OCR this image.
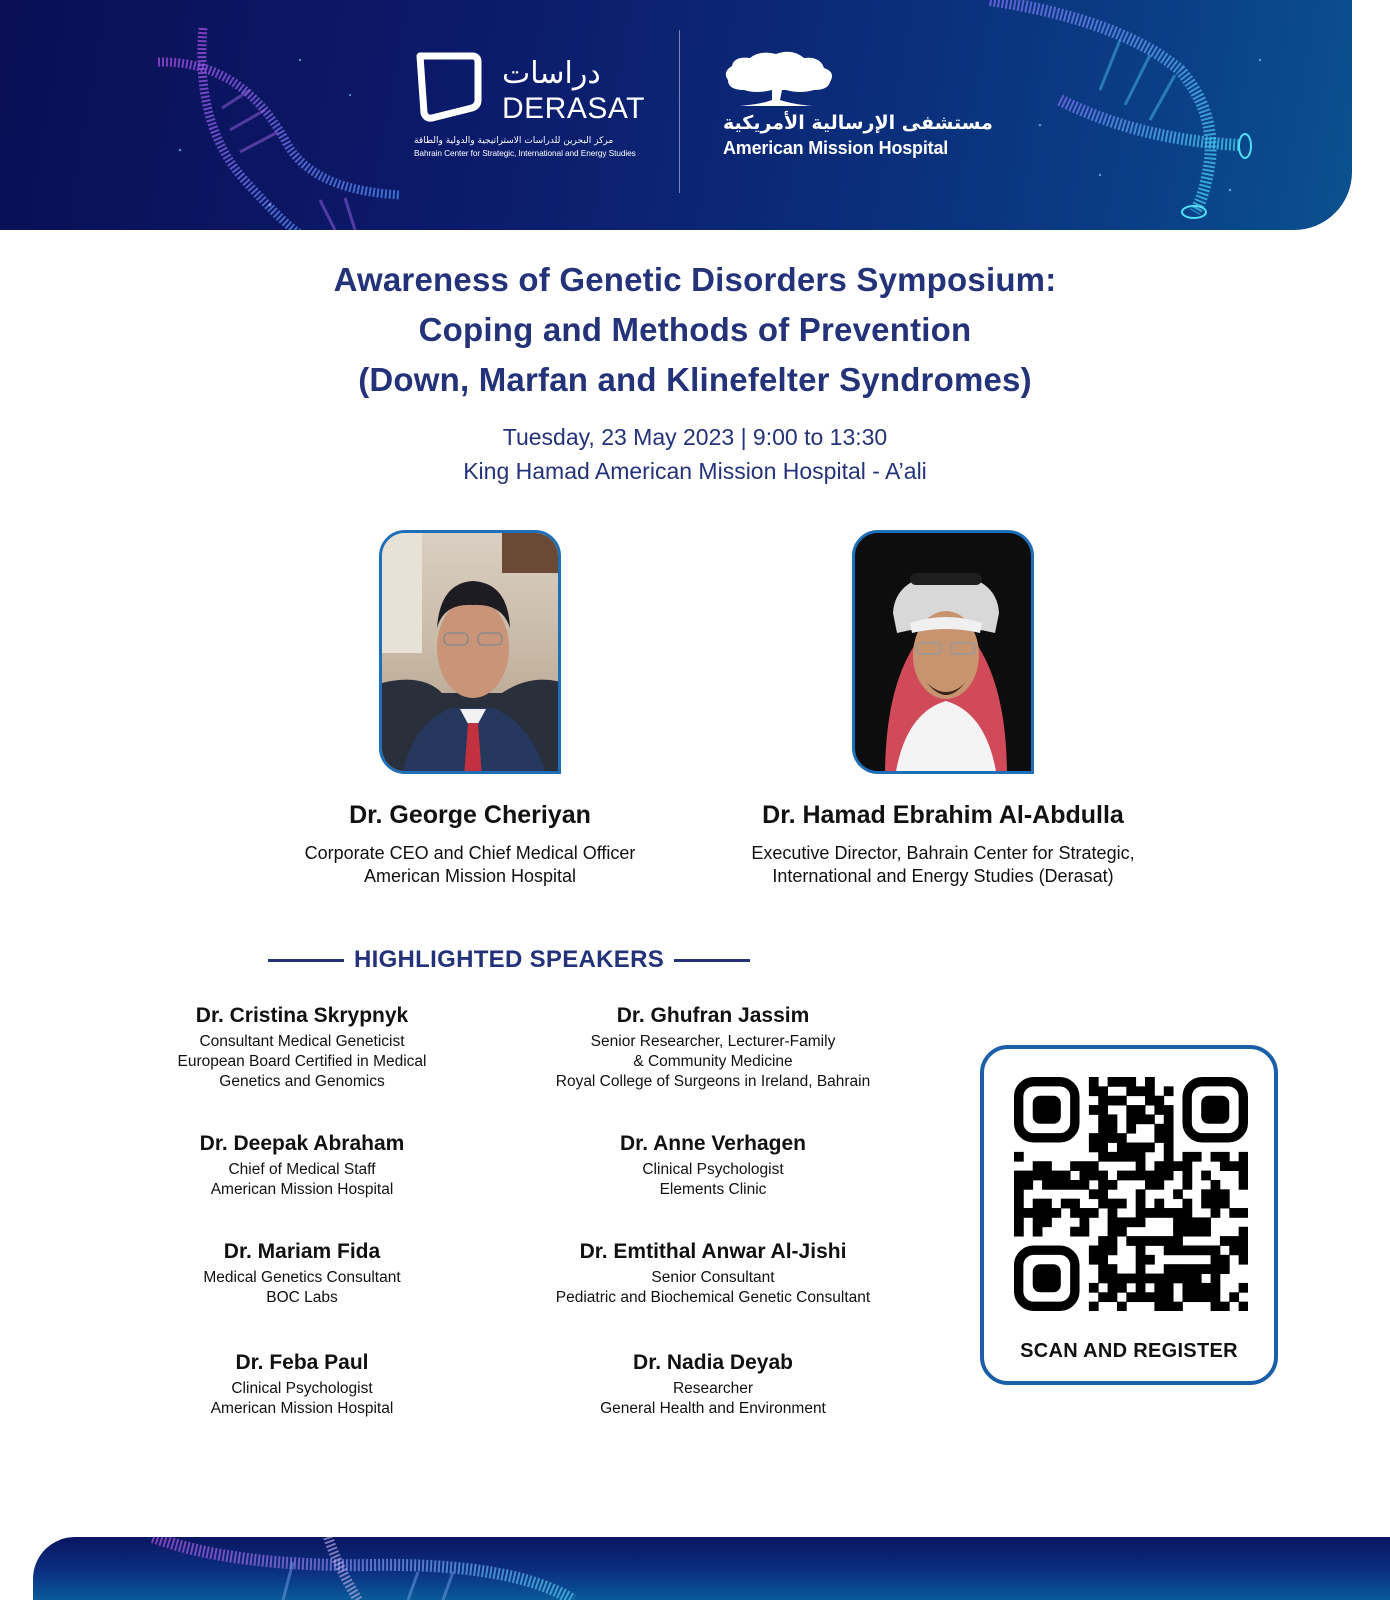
دراسات
DERASAT
مركز البحرين للدراسات الاستراتيجية والدولية والطاقة
Bahrain Center for Strategic, International and Energy Studies
مستشفى الإرسالية الأمريكية
American Mission Hospital
Awareness of Genetic Disorders Symposium:
Coping and Methods of Prevention
(Down, Marfan and Klinefelter Syndromes)
Tuesday, 23 May 2023 | 9:00 to 13:30
King Hamad American Mission Hospital - A’ali
Dr. George Cheriyan
Corporate CEO and Chief Medical Officer
American Mission Hospital
Dr. Hamad Ebrahim Al-Abdulla
Executive Director, Bahrain Center for Strategic,
International and Energy Studies (Derasat)
HIGHLIGHTED SPEAKERS
Dr. Cristina Skrypnyk
Consultant Medical Geneticist
European Board Certified in Medical
Genetics and Genomics
Dr. Ghufran Jassim
Senior Researcher, Lecturer-Family
& Community Medicine
Royal College of Surgeons in Ireland, Bahrain
Dr. Deepak Abraham
Chief of Medical Staff
American Mission Hospital
Dr. Anne Verhagen
Clinical Psychologist
Elements Clinic
Dr. Mariam Fida
Medical Genetics Consultant
BOC Labs
Dr. Emtithal Anwar Al-Jishi
Senior Consultant
Pediatric and Biochemical Genetic Consultant
Dr. Feba Paul
Clinical Psychologist
American Mission Hospital
Dr. Nadia Deyab
Researcher
General Health and Environment
SCAN AND REGISTER
